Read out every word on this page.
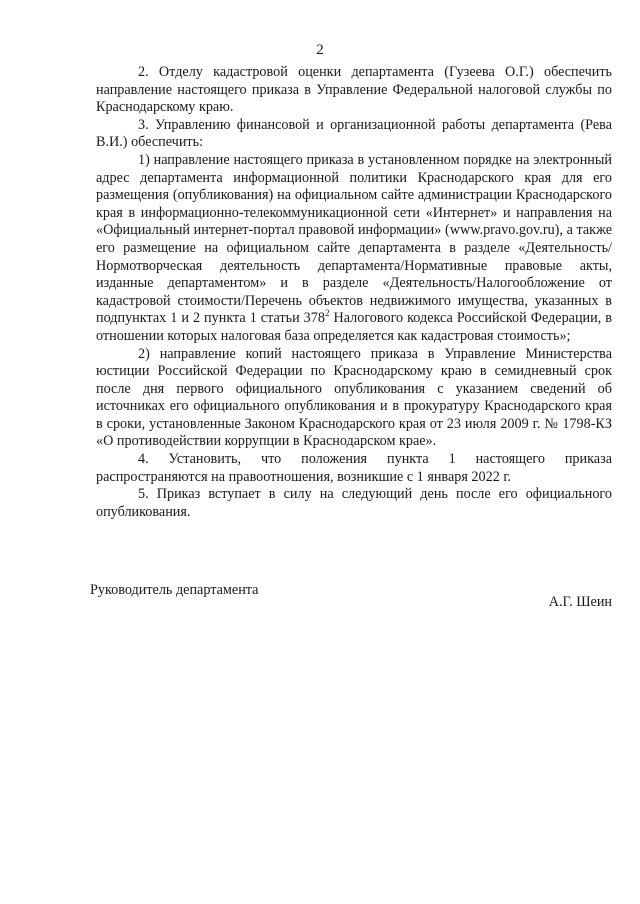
2

2. Отделу кадастровой оценки департамента (Гузеева О.Г.) обеспечить направление настоящего приказа в Управление Федеральной налоговой службы по Краснодарскому краю.

3. Управлению финансовой и организационной работы департамента (Рева В.И.) обеспечить:

1) направление настоящего приказа в установленном порядке на электронный адрес департамента информационной политики Краснодарского края для его размещения (опубликования) на официальном сайте администрации Краснодарского края в информационно-телекоммуникационной сети «Интернет» и направления на «Официальный интернет-портал правовой информации» (www.pravo.gov.ru), а также его размещение на официальном сайте департамента в разделе «Деятельность/Нормотворческая деятельность департамента/Нормативные правовые акты, изданные департаментом» и в разделе «Деятельность/Налогообложение от кадастровой стоимости/Перечень объектов недвижимого имущества, указанных в подпунктах 1 и 2 пункта 1 статьи $378^2$ Налогового кодекса Российской Федерации, в отношении которых налоговая база определяется как кадастровая стоимость»;

2) направление копий настоящего приказа в Управление Министерства юстиции Российской Федерации по Краснодарскому краю в семидневный срок после дня первого официального опубликования с указанием сведений об источниках его официального опубликования и в прокуратуру Краснодарского края в сроки, установленные Законом Краснодарского края от 23 июля 2009 г. № 1798-КЗ «О противодействии коррупции в Краснодарском крае».

4. Установить, что положения пункта 1 настоящего приказа распространяются на правоотношения, возникшие с 1 января 2022 г.

5. Приказ вступает в силу на следующий день после его официального опубликования.

Руководитель департамента
А.Г. Шеин
